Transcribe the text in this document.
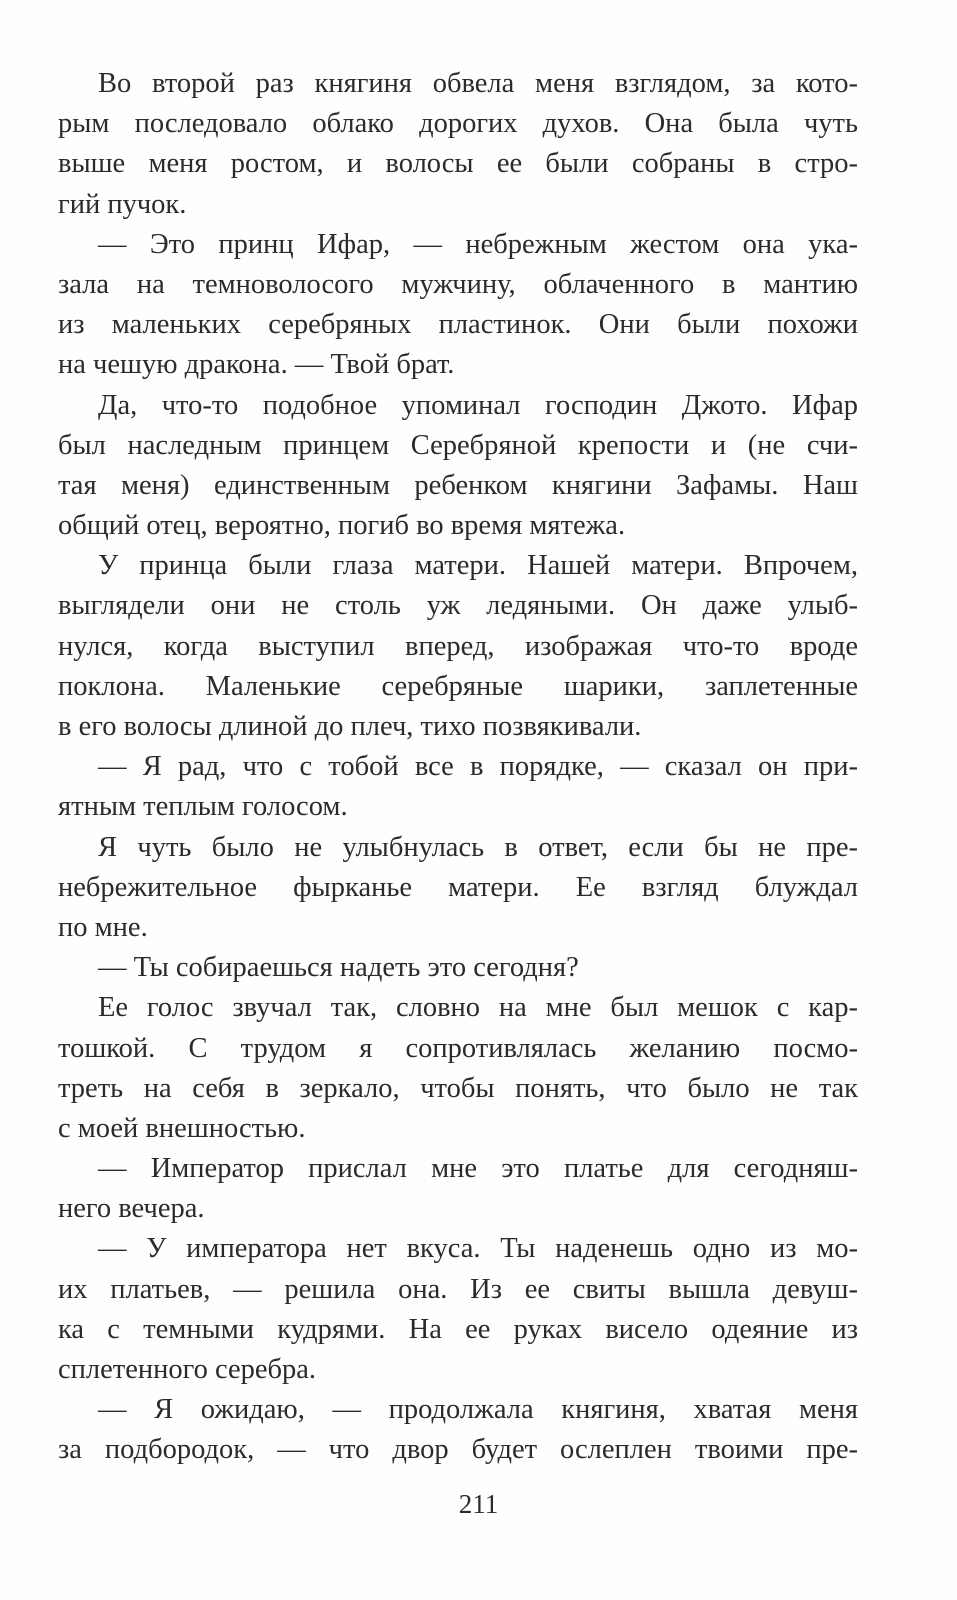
Во второй раз княгиня обвела меня взглядом, за кото-
рым последовало облако дорогих духов. Она была чуть
выше меня ростом, и волосы ее были собраны в стро-
гий пучок.
— Это принц Ифар, — небрежным жестом она ука-
зала на темноволосого мужчину, облаченного в мантию
из маленьких серебряных пластинок. Они были похожи
на чешую дракона. — Твой брат.
Да, что-то подобное упоминал господин Джото. Ифар
был наследным принцем Серебряной крепости и (не счи-
тая меня) единственным ребенком княгини Зафамы. Наш
общий отец, вероятно, погиб во время мятежа.
У принца были глаза матери. Нашей матери. Впрочем,
выглядели они не столь уж ледяными. Он даже улыб-
нулся, когда выступил вперед, изображая что-то вроде
поклона. Маленькие серебряные шарики, заплетенные
в его волосы длиной до плеч, тихо позвякивали.
— Я рад, что с тобой все в порядке, — сказал он при-
ятным теплым голосом.
Я чуть было не улыбнулась в ответ, если бы не пре-
небрежительное фырканье матери. Ее взгляд блуждал
по мне.
— Ты собираешься надеть это сегодня?
Ее голос звучал так, словно на мне был мешок с кар-
тошкой. С трудом я сопротивлялась желанию посмо-
треть на себя в зеркало, чтобы понять, что было не так
с моей внешностью.
— Император прислал мне это платье для сегодняш-
него вечера.
— У императора нет вкуса. Ты наденешь одно из мо-
их платьев, — решила она. Из ее свиты вышла девуш-
ка с темными кудрями. На ее руках висело одеяние из
сплетенного серебра.
— Я ожидаю, — продолжала княгиня, хватая меня
за подбородок, — что двор будет ослеплен твоими пре-
211
